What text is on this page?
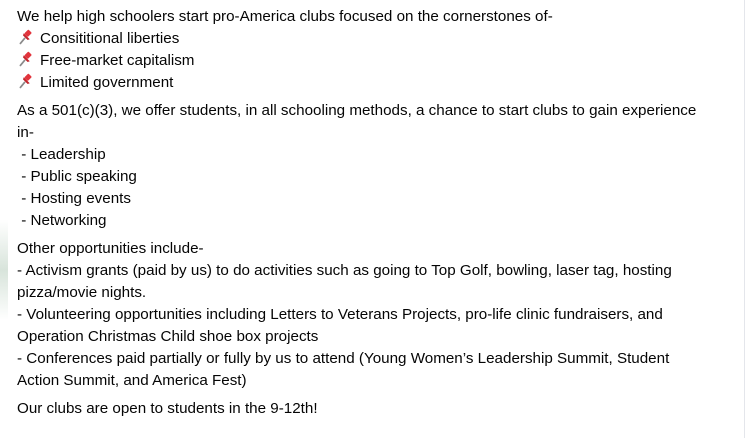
We help high schoolers start pro-America clubs focused on the cornerstones of-
Consititional liberties
Free-market capitalism
Limited government
As a 501(c)(3), we offer students, in all schooling methods, a chance to start clubs to gain experience
in-
- Leadership
- Public speaking
- Hosting events
- Networking
Other opportunities include-
- Activism grants (paid by us) to do activities such as going to Top Golf, bowling, laser tag, hosting
pizza/movie nights.
- Volunteering opportunities including Letters to Veterans Projects, pro-life clinic fundraisers, and
Operation Christmas Child shoe box projects
- Conferences paid partially or fully by us to attend (Young Women’s Leadership Summit, Student
Action Summit, and America Fest)
Our clubs are open to students in the 9-12th!
